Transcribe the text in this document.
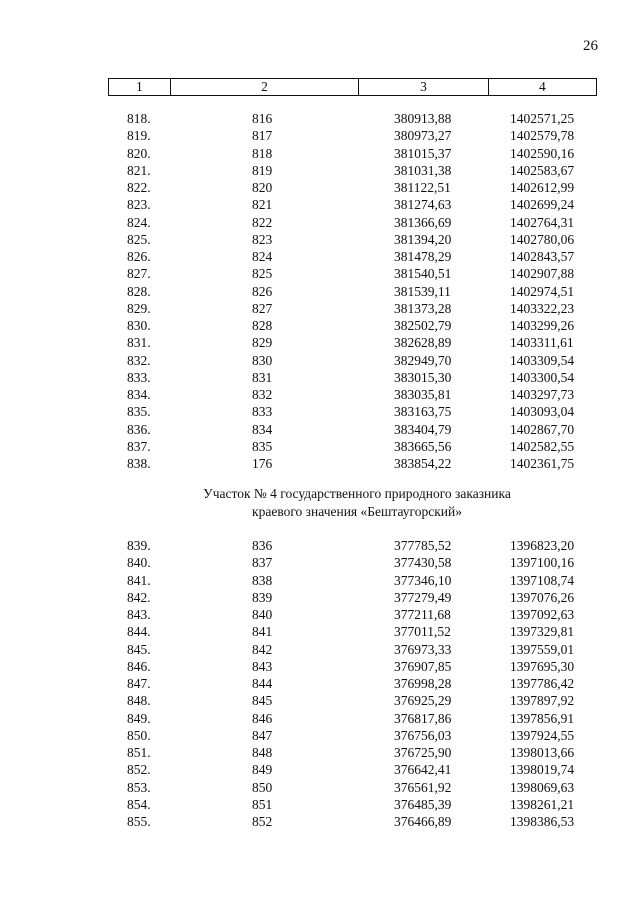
26
1	2	3	4
818.	816	380913,88	1402571,25
819.	817	380973,27	1402579,78
820.	818	381015,37	1402590,16
821.	819	381031,38	1402583,67
822.	820	381122,51	1402612,99
823.	821	381274,63	1402699,24
824.	822	381366,69	1402764,31
825.	823	381394,20	1402780,06
826.	824	381478,29	1402843,57
827.	825	381540,51	1402907,88
828.	826	381539,11	1402974,51
829.	827	381373,28	1403322,23
830.	828	382502,79	1403299,26
831.	829	382628,89	1403311,61
832.	830	382949,70	1403309,54
833.	831	383015,30	1403300,54
834.	832	383035,81	1403297,73
835.	833	383163,75	1403093,04
836.	834	383404,79	1402867,70
837.	835	383665,56	1402582,55
838.	176	383854,22	1402361,75
Участок № 4 государственного природного заказника
краевого значения «Бештаугорский»
839.	836	377785,52	1396823,20
840.	837	377430,58	1397100,16
841.	838	377346,10	1397108,74
842.	839	377279,49	1397076,26
843.	840	377211,68	1397092,63
844.	841	377011,52	1397329,81
845.	842	376973,33	1397559,01
846.	843	376907,85	1397695,30
847.	844	376998,28	1397786,42
848.	845	376925,29	1397897,92
849.	846	376817,86	1397856,91
850.	847	376756,03	1397924,55
851.	848	376725,90	1398013,66
852.	849	376642,41	1398019,74
853.	850	376561,92	1398069,63
854.	851	376485,39	1398261,21
855.	852	376466,89	1398386,53
